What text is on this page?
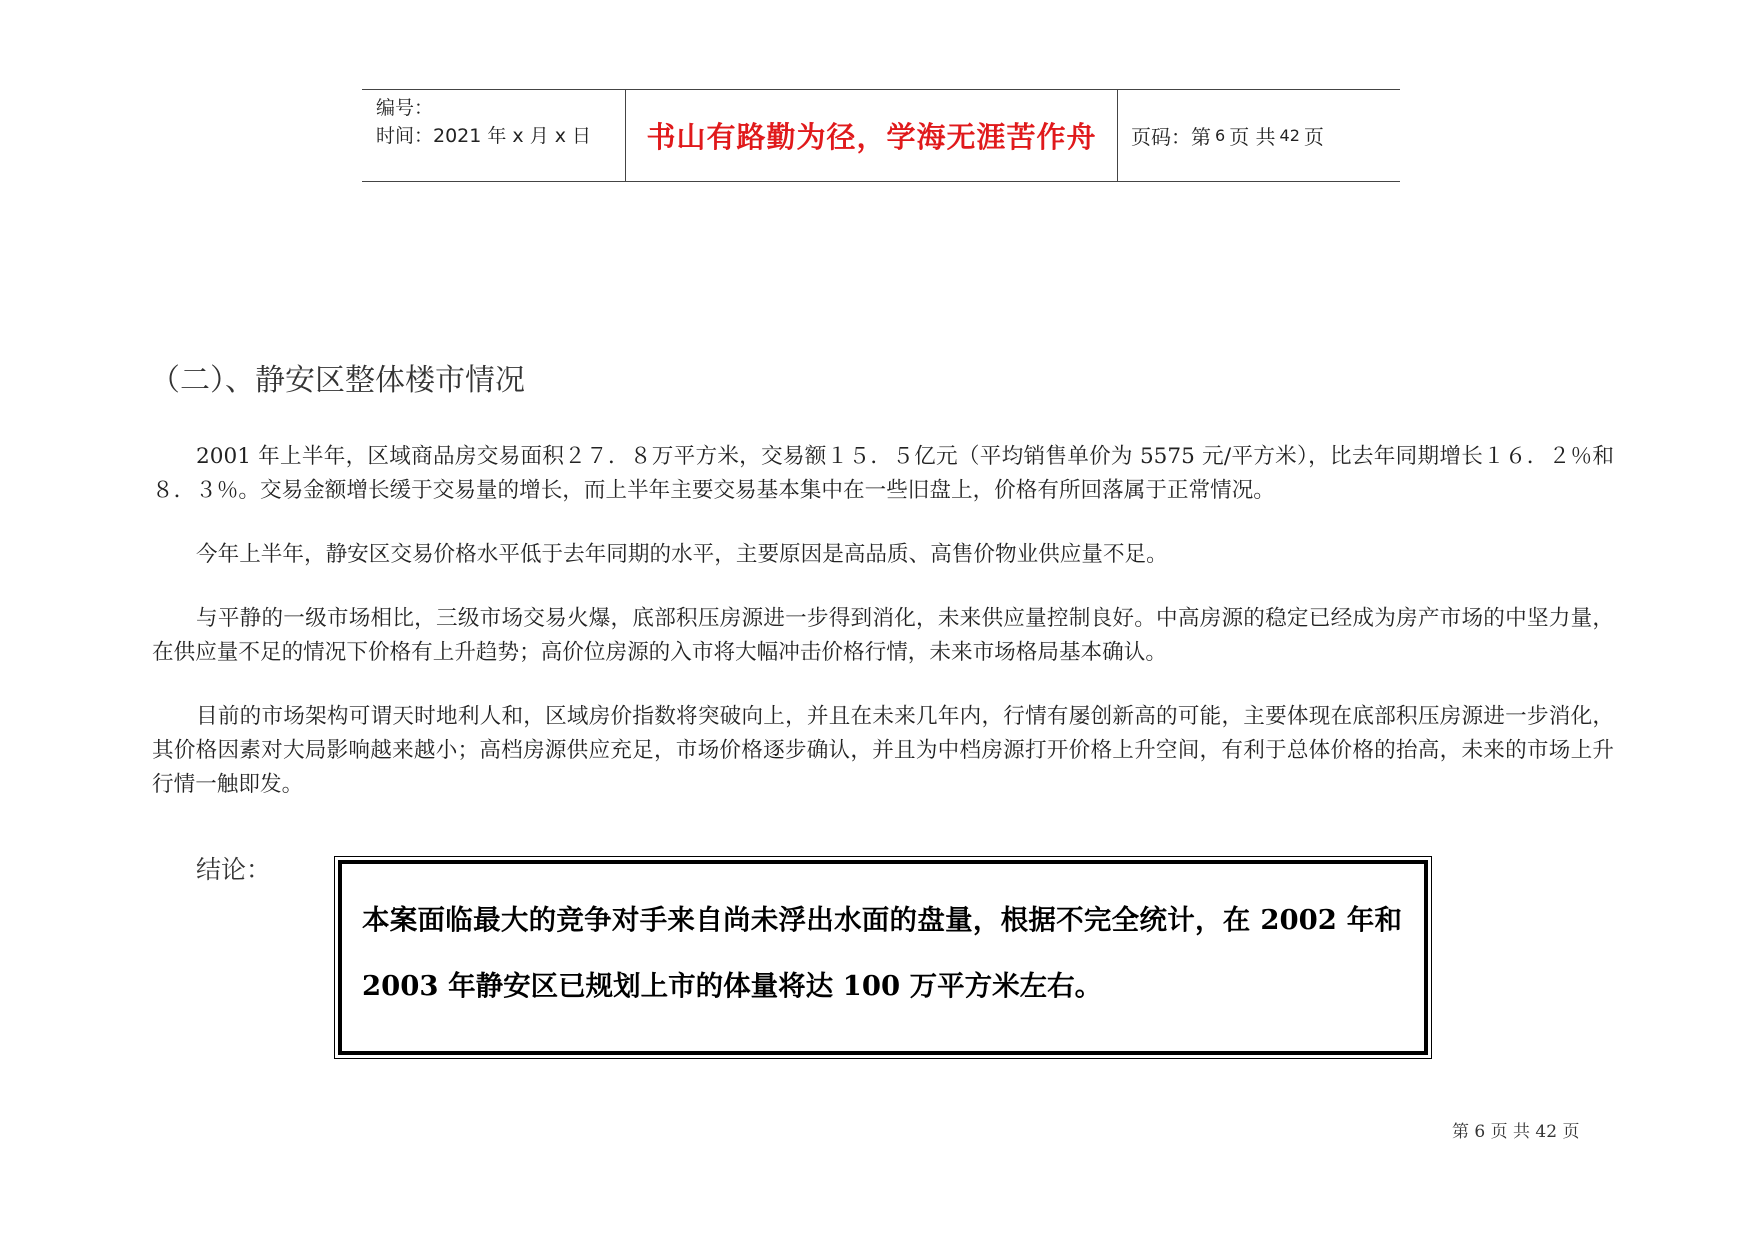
编号：
时间：2021 年 x 月 x 日	书山有路勤为径，学海无涯苦作舟	页码：第 6 页 共 42 页
（二）、静安区整体楼市情况

2001 年上半年，区域商品房交易面积２７．８万平方米，交易额１５．５亿元（平均销售单价为 5575 元/平方米），比去年同期增长１６．２％和８．３％。交易金额增长缓于交易量的增长，而上半年主要交易基本集中在一些旧盘上，价格有所回落属于正常情况。

今年上半年，静安区交易价格水平低于去年同期的水平，主要原因是高品质、高售价物业供应量不足。

与平静的一级市场相比，三级市场交易火爆，底部积压房源进一步得到消化，未来供应量控制良好。中高房源的稳定已经成为房产市场的中坚力量，在供应量不足的情况下价格有上升趋势；高价位房源的入市将大幅冲击价格行情，未来市场格局基本确认。

目前的市场架构可谓天时地利人和，区域房价指数将突破向上，并且在未来几年内，行情有屡创新高的可能，主要体现在底部积压房源进一步消化，其价格因素对大局影响越来越小；高档房源供应充足，市场价格逐步确认，并且为中档房源打开价格上升空间，有利于总体价格的抬高，未来的市场上升行情一触即发。

结论：
本案面临最大的竞争对手来自尚未浮出水面的盘量，根据不完全统计，在 2002 年和 2003 年静安区已规划上市的体量将达 100 万平方米左右。
第 6 页 共 42 页
